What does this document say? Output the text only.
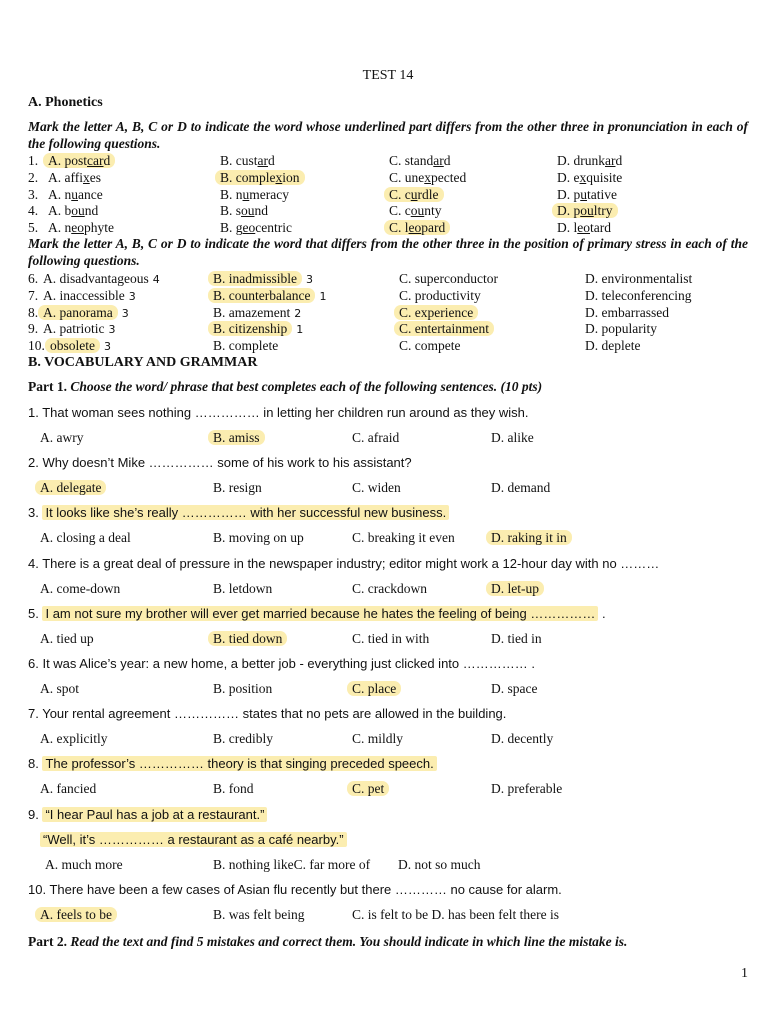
TEST 14
A. Phonetics
Mark the letter A, B, C or D to indicate the word whose underlined part differs from the other three in pronunciation in each of the following questions.
1. A. postcard	B. custard	C. standard	D. drunkard
2. A. affixes	B. complexion	C. unexpected	D. exquisite
3. A. nuance	B. numeracy	C. curdle	D. putative
4. A. bound	B. sound	C. county	D. poultry
5. A. neophyte	B. geocentric	C. leopard	D. leotard
Mark the letter A, B, C or D to indicate the word that differs from the other three in the position of primary stress in each of the following questions.
6. A. disadvantageous 4	B. inadmissible 3	C. superconductor	D. environmentalist
7. A. inaccessible 3	B. counterbalance 1	C. productivity	D. teleconferencing
8. A. panorama 3	B. amazement 2	C. experience	D. embarrassed
9. A. patriotic 3	B. citizenship 1	C. entertainment	D. popularity
10. obsolete 3	B. complete	C. compete	D. deplete
B. VOCABULARY AND GRAMMAR
Part 1. Choose the word/ phrase that best completes each of the following sentences. (10 pts)
1. That woman sees nothing …………… in letting her children run around as they wish.
A. awry	B. amiss	C. afraid	D. alike
2. Why doesn’t Mike …………… some of his work to his assistant?
A. delegate	B. resign	C. widen	D. demand
3. It looks like she’s really …………… with her successful new business.
A. closing a deal	B. moving on up	C. breaking it even	D. raking it in
4. There is a great deal of pressure in the newspaper industry; editor might work a 12-hour day with no ………
A. come-down	B. letdown	C. crackdown	D. let-up
5. I am not sure my brother will ever get married because he hates the feeling of being …………… .
A. tied up	B. tied down	C. tied in with	D. tied in
6. It was Alice’s year: a new home, a better job - everything just clicked into …………… .
A. spot	B. position	C. place	D. space
7. Your rental agreement …………… states that no pets are allowed in the building.
A. explicitly	B. credibly	C. mildly	D. decently
8. The professor’s …………… theory is that singing preceded speech.
A. fancied	B. fond	C. pet	D. preferable
9. “I hear Paul has a job at a restaurant.”
“Well, it’s …………… a restaurant as a café nearby.”
A. much more	B. nothing likeC. far more of D. not so much
10. There have been a few cases of Asian flu recently but there ………… no cause for alarm.
A. feels to be	B. was felt being	C. is felt to be D. has been felt there is
Part 2. Read the text and find 5 mistakes and correct them. You should indicate in which line the mistake is.
1
